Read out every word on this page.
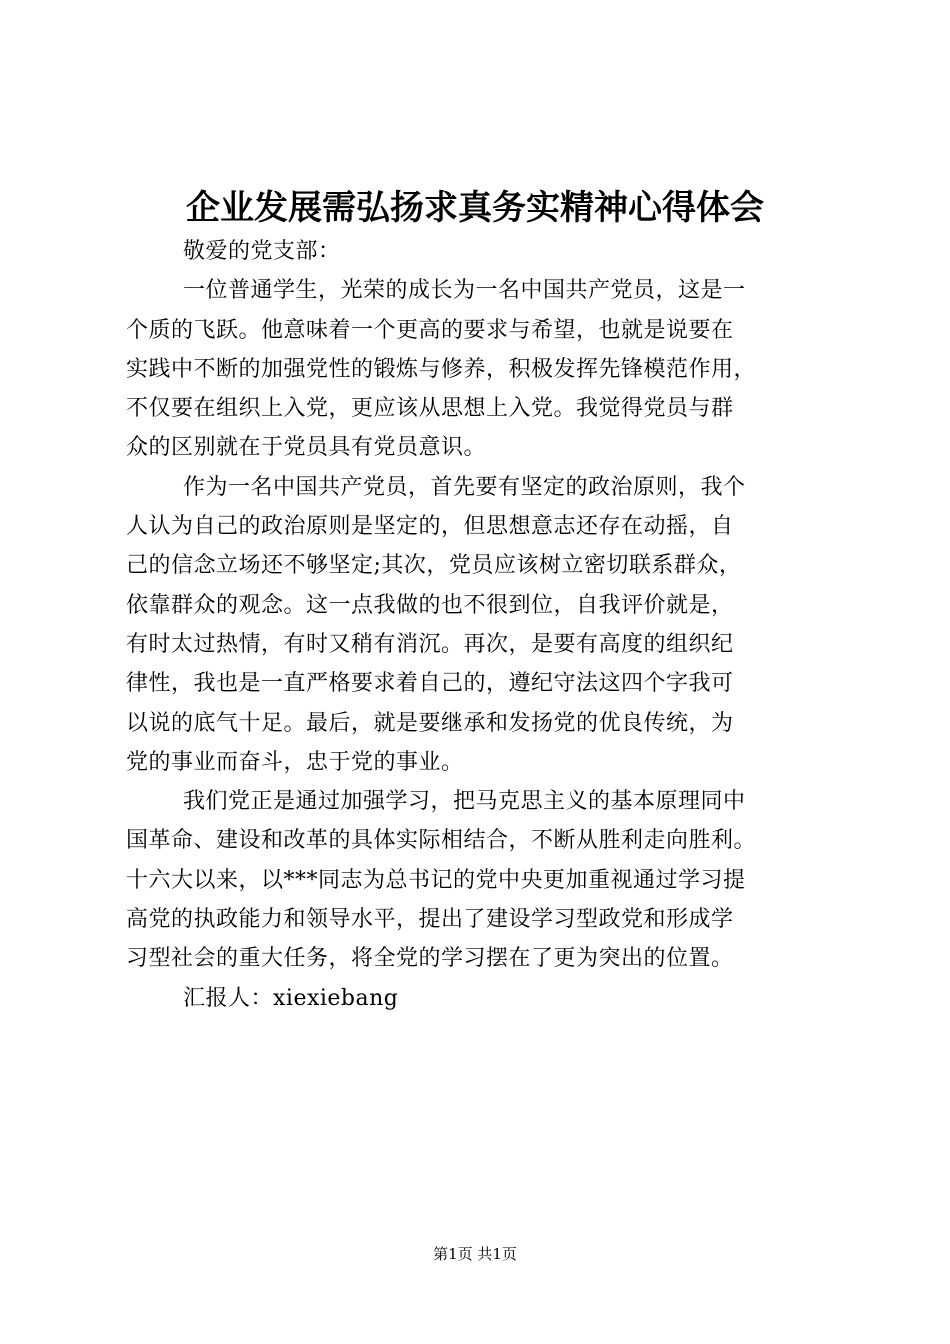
企业发展需弘扬求真务实精神心得体会
敬爱的党支部：
一位普通学生，光荣的成长为一名中国共产党员，这是一
个质的飞跃。他意味着一个更高的要求与希望，也就是说要在
实践中不断的加强党性的锻炼与修养，积极发挥先锋模范作用，
不仅要在组织上入党，更应该从思想上入党。我觉得党员与群
众的区别就在于党员具有党员意识。
作为一名中国共产党员，首先要有坚定的政治原则，我个
人认为自己的政治原则是坚定的，但思想意志还存在动摇，自
己的信念立场还不够坚定;其次，党员应该树立密切联系群众，
依靠群众的观念。这一点我做的也不很到位，自我评价就是，
有时太过热情，有时又稍有消沉。再次，是要有高度的组织纪
律性，我也是一直严格要求着自己的，遵纪守法这四个字我可
以说的底气十足。最后，就是要继承和发扬党的优良传统，为
党的事业而奋斗，忠于党的事业。
我们党正是通过加强学习，把马克思主义的基本原理同中
国革命、建设和改革的具体实际相结合，不断从胜利走向胜利。
十六大以来，以***同志为总书记的党中央更加重视通过学习提
高党的执政能力和领导水平，提出了建设学习型政党和形成学
习型社会的重大任务，将全党的学习摆在了更为突出的位置。
汇报人：xiexiebang
第1页 共1页
